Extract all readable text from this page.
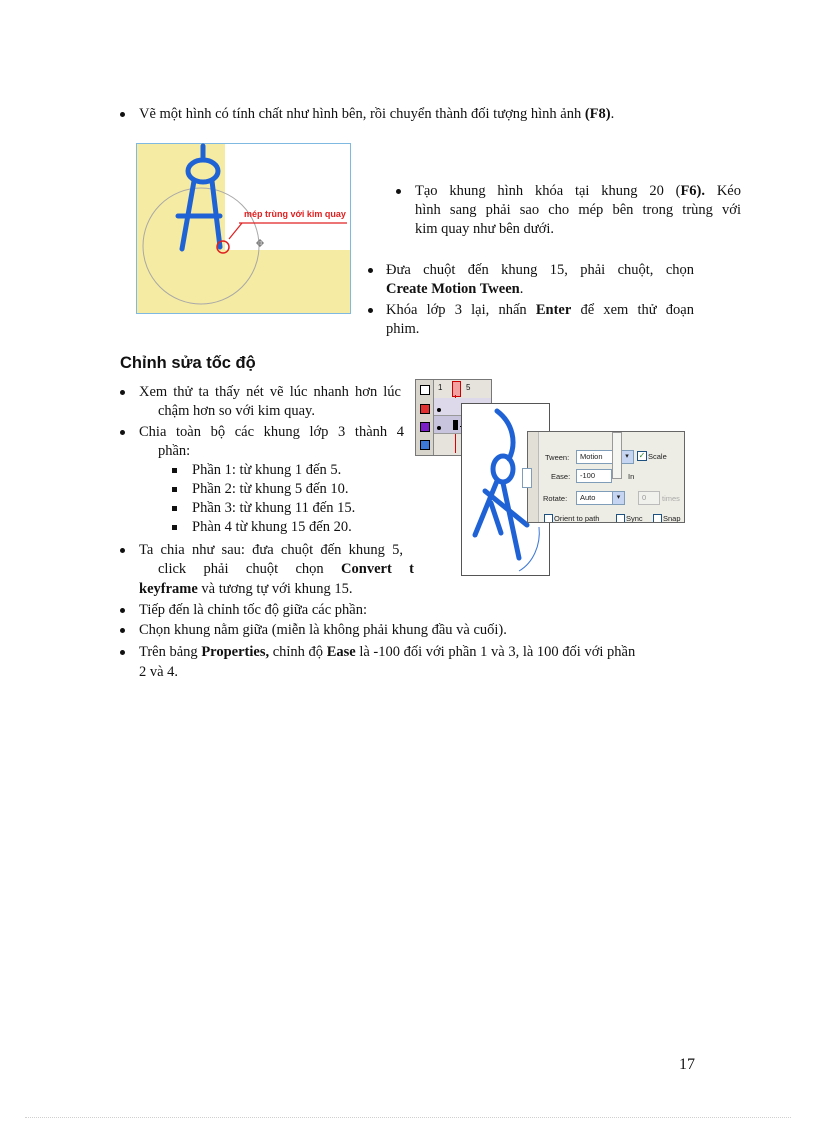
Vẽ một hình có tính chất như hình bên, rồi chuyển thành đối tượng hình ảnh (F8).
mép trùng với kim quay
Tạo khung hình khóa tại khung 20 (F6). Kéo
hình sang phải sao cho mép bên trong trùng với
kim quay như bên dưới.
Đưa chuột đến khung 15, phải chuột, chọn
Create Motion Tween.
Khóa lớp 3 lại, nhấn Enter để xem thử đoạn
phim.
Chỉnh sửa tốc độ
Xem thử ta thấy nét vẽ lúc nhanh hơn lúc
chậm hơn so với kim quay.
Chia toàn bộ các khung lớp 3 thành 4
phần:
Phần 1: từ khung 1 đến 5.
Phần 2: từ khung 5 đến 10.
Phần 3: từ khung 11 đến 15.
Phàn 4 từ khung 15 đến 20.
Ta chia như sau: đưa chuột đến khung 5,
click phải chuột chọn Convert t
keyframe và tương tự với khung 15.
Tiếp đến là chỉnh tốc độ giữa các phần:
Chọn khung nằm giữa (miễn là không phải khung đầu và cuối).
Trên bảng Properties, chỉnh độ Ease là -100 đối với phần 1 và 3, là 100 đối với phần
2 và 4.
1	5
Tween: Motion	▾	✓ Scale
Ease: -100	In
Rotate: Auto	▾	0 times
Orient to path	Sync	Snap
17
